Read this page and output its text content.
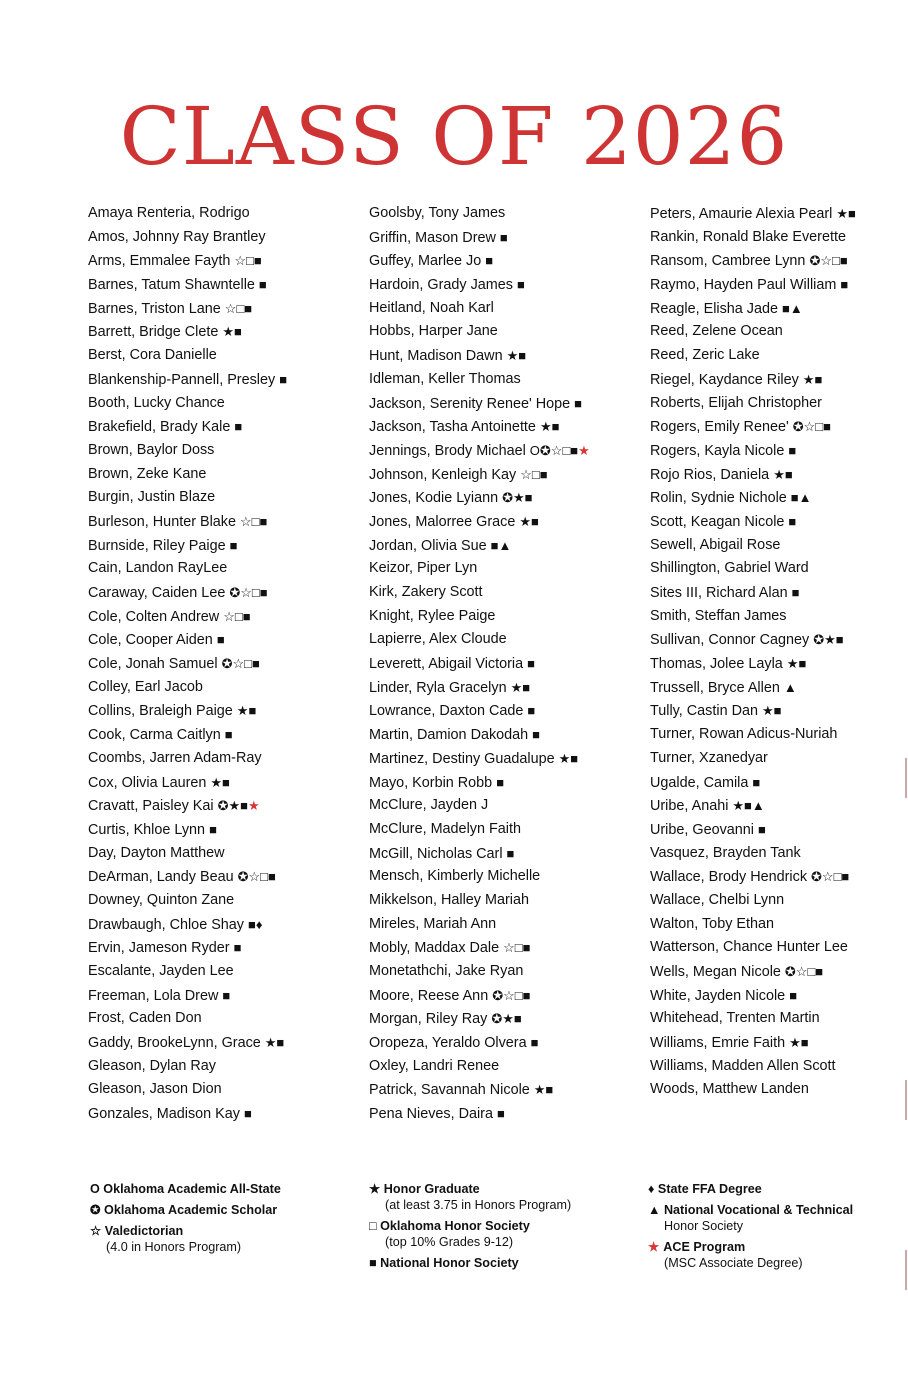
CLASS OF 2026
Amaya Renteria, Rodrigo
Amos, Johnny Ray Brantley
Arms, Emmalee Fayth ☆□■
Barnes, Tatum Shawntelle ■
Barnes, Triston Lane ☆□■
Barrett, Bridge Clete ★■
Berst, Cora Danielle
Blankenship-Pannell, Presley ■
Booth, Lucky Chance
Brakefield, Brady Kale ■
Brown, Baylor Doss
Brown, Zeke Kane
Burgin, Justin Blaze
Burleson, Hunter Blake ☆□■
Burnside, Riley Paige ■
Cain, Landon RayLee
Caraway, Caiden Lee ✪☆□■
Cole, Colten Andrew ☆□■
Cole, Cooper Aiden ■
Cole, Jonah Samuel ✪☆□■
Colley, Earl Jacob
Collins, Braleigh Paige ★■
Cook, Carma Caitlyn ■
Coombs, Jarren Adam-Ray
Cox, Olivia Lauren ★■
Cravatt, Paisley Kai ✪★■★
Curtis, Khloe Lynn ■
Day, Dayton Matthew
DeArman, Landy Beau ✪☆□■
Downey, Quinton Zane
Drawbaugh, Chloe Shay ■♦
Ervin, Jameson Ryder ■
Escalante, Jayden Lee
Freeman, Lola Drew ■
Frost, Caden Don
Gaddy, BrookeLynn, Grace ★■
Gleason, Dylan Ray
Gleason, Jason Dion
Gonzales, Madison Kay ■
Goolsby, Tony James
Griffin, Mason Drew ■
Guffey, Marlee Jo ■
Hardoin, Grady James ■
Heitland, Noah Karl
Hobbs, Harper Jane
Hunt, Madison Dawn ★■
Idleman, Keller Thomas
Jackson, Serenity Renee' Hope ■
Jackson, Tasha Antoinette ★■
Jennings, Brody Michael O✪☆□■★
Johnson, Kenleigh Kay ☆□■
Jones, Kodie Lyiann ✪★■
Jones, Malorree Grace ★■
Jordan, Olivia Sue ■▲
Keizor, Piper Lyn
Kirk, Zakery Scott
Knight, Rylee Paige
Lapierre, Alex Cloude
Leverett, Abigail Victoria ■
Linder, Ryla Gracelyn ★■
Lowrance, Daxton Cade ■
Martin, Damion Dakodah ■
Martinez, Destiny Guadalupe ★■
Mayo, Korbin Robb ■
McClure, Jayden J
McClure, Madelyn Faith
McGill, Nicholas Carl ■
Mensch, Kimberly Michelle
Mikkelson, Halley Mariah
Mireles, Mariah Ann
Mobly, Maddax Dale ☆□■
Monetathchi, Jake Ryan
Moore, Reese Ann ✪☆□■
Morgan, Riley Ray ✪★■
Oropeza, Yeraldo Olvera ■
Oxley, Landri Renee
Patrick, Savannah Nicole ★■
Pena Nieves, Daira ■
Peters, Amaurie Alexia Pearl ★■
Rankin, Ronald Blake Everette
Ransom, Cambree Lynn ✪☆□■
Raymo, Hayden Paul William ■
Reagle, Elisha Jade ■▲
Reed, Zelene Ocean
Reed, Zeric Lake
Riegel, Kaydance Riley ★■
Roberts, Elijah Christopher
Rogers, Emily Renee' ✪☆□■
Rogers, Kayla Nicole ■
Rojo Rios, Daniela ★■
Rolin, Sydnie Nichole ■▲
Scott, Keagan Nicole ■
Sewell, Abigail Rose
Shillington, Gabriel Ward
Sites III, Richard Alan ■
Smith, Steffan James
Sullivan, Connor Cagney ✪★■
Thomas, Jolee Layla ★■
Trussell, Bryce Allen ▲
Tully, Castin Dan ★■
Turner, Rowan Adicus-Nuriah
Turner, Xzanedyar
Ugalde, Camila ■
Uribe, Anahi ★■▲
Uribe, Geovanni ■
Vasquez, Brayden Tank
Wallace, Brody Hendrick ✪☆□■
Wallace, Chelbi Lynn
Walton, Toby Ethan
Watterson, Chance Hunter Lee
Wells, Megan Nicole ✪☆□■
White, Jayden Nicole ■
Whitehead, Trenten Martin
Williams, Emrie Faith ★■
Williams, Madden Allen Scott
Woods, Matthew Landen
O Oklahoma Academic All-State
✪ Oklahoma Academic Scholar
☆ Valedictorian
(4.0 in Honors Program)
★ Honor Graduate
(at least 3.75 in Honors Program)
□ Oklahoma Honor Society
(top 10% Grades 9-12)
■ National Honor Society
♦ State FFA Degree
▲ National Vocational & Technical
Honor Society
★ ACE Program
(MSC Associate Degree)
